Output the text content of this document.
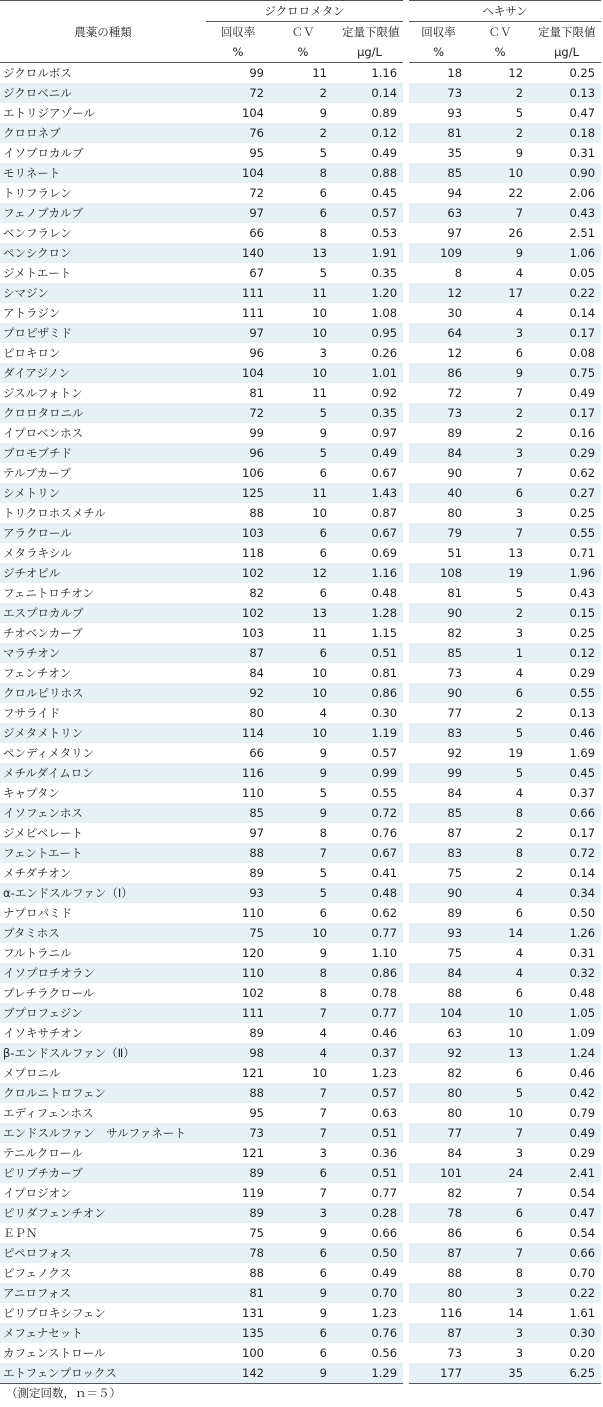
農薬の種類	ジクロロメタン			ヘキサン		
	回収率	ＣＶ	定量下限値	回収率	ＣＶ	定量下限値
	%	%	μg/L	%	%	μg/L
ジクロルボス	99	11	1.16	18	12	0.25
ジクロベニル	72	2	0.14	73	2	0.13
エトリジアゾール	104	9	0.89	93	5	0.47
クロロネブ	76	2	0.12	81	2	0.18
イソプロカルブ	95	5	0.49	35	9	0.31
モリネート	104	8	0.88	85	10	0.90
トリフラレン	72	6	0.45	94	22	2.06
フェノブカルブ	97	6	0.57	63	7	0.43
ベンフラレン	66	8	0.53	97	26	2.51
ペンシクロン	140	13	1.91	109	9	1.06
ジメトエート	67	5	0.35	8	4	0.05
シマジン	111	11	1.20	12	17	0.22
アトラジン	111	10	1.08	30	4	0.14
プロピザミド	97	10	0.95	64	3	0.17
ピロキロン	96	3	0.26	12	6	0.08
ダイアジノン	104	10	1.01	86	9	0.75
ジスルフォトン	81	11	0.92	72	7	0.49
クロロタロニル	72	5	0.35	73	2	0.17
イプロベンホス	99	9	0.97	89	2	0.16
ブロモブチド	96	5	0.49	84	3	0.29
テルブカーブ	106	6	0.67	90	7	0.62
シメトリン	125	11	1.43	40	6	0.27
トリクロホスメチル	88	10	0.87	80	3	0.25
アラクロール	103	6	0.67	79	7	0.55
メタラキシル	118	6	0.69	51	13	0.71
ジチオピル	102	12	1.16	108	19	1.96
フェニトロチオン	82	6	0.48	81	5	0.43
エスプロカルブ	102	13	1.28	90	2	0.15
チオベンカーブ	103	11	1.15	82	3	0.25
マラチオン	87	6	0.51	85	1	0.12
フェンチオン	84	10	0.81	73	4	0.29
クロルピリホス	92	10	0.86	90	6	0.55
フサライド	80	4	0.30	77	2	0.13
ジメタメトリン	114	10	1.19	83	5	0.46
ペンディメタリン	66	9	0.57	92	19	1.69
メチルダイムロン	116	9	0.99	99	5	0.45
キャプタン	110	5	0.55	84	4	0.37
イソフェンホス	85	9	0.72	85	8	0.66
ジメピペレート	97	8	0.76	87	2	0.17
フェントエート	88	7	0.67	83	8	0.72
メチダチオン	89	5	0.41	75	2	0.14
α-エンドスルファン（Ⅰ）	93	5	0.48	90	4	0.34
ナプロパミド	110	6	0.62	89	6	0.50
ブタミホス	75	10	0.77	93	14	1.26
フルトラニル	120	9	1.10	75	4	0.31
イソプロチオラン	110	8	0.86	84	4	0.32
プレチラクロール	102	8	0.78	88	6	0.48
ブプロフェジン	111	7	0.77	104	10	1.05
イソキサチオン	89	4	0.46	63	10	1.09
β-エンドスルファン（Ⅱ）	98	4	0.37	92	13	1.24
メプロニル	121	10	1.23	82	6	0.46
クロルニトロフェン	88	7	0.57	80	5	0.42
エディフェンホス	95	7	0.63	80	10	0.79
エンドスルファン　サルファネート	73	7	0.51	77	7	0.49
テニルクロール	121	3	0.36	84	3	0.29
ピリブチカーブ	89	6	0.51	101	24	2.41
イプロジオン	119	7	0.77	82	7	0.54
ピリダフェンチオン	89	3	0.28	78	6	0.47
ＥＰＮ	75	9	0.66	86	6	0.54
ピペロフォス	78	6	0.50	87	7	0.66
ピフェノクス	88	6	0.49	88	8	0.70
アニロフォス	81	9	0.70	80	3	0.22
ピリプロキシフェン	131	9	1.23	116	14	1.61
メフェナセット	135	6	0.76	87	3	0.30
カフェンストロール	100	6	0.56	73	3	0.20
エトフェンプロックス	142	9	1.29	177	35	6.25
（測定回数，ｎ＝５）
